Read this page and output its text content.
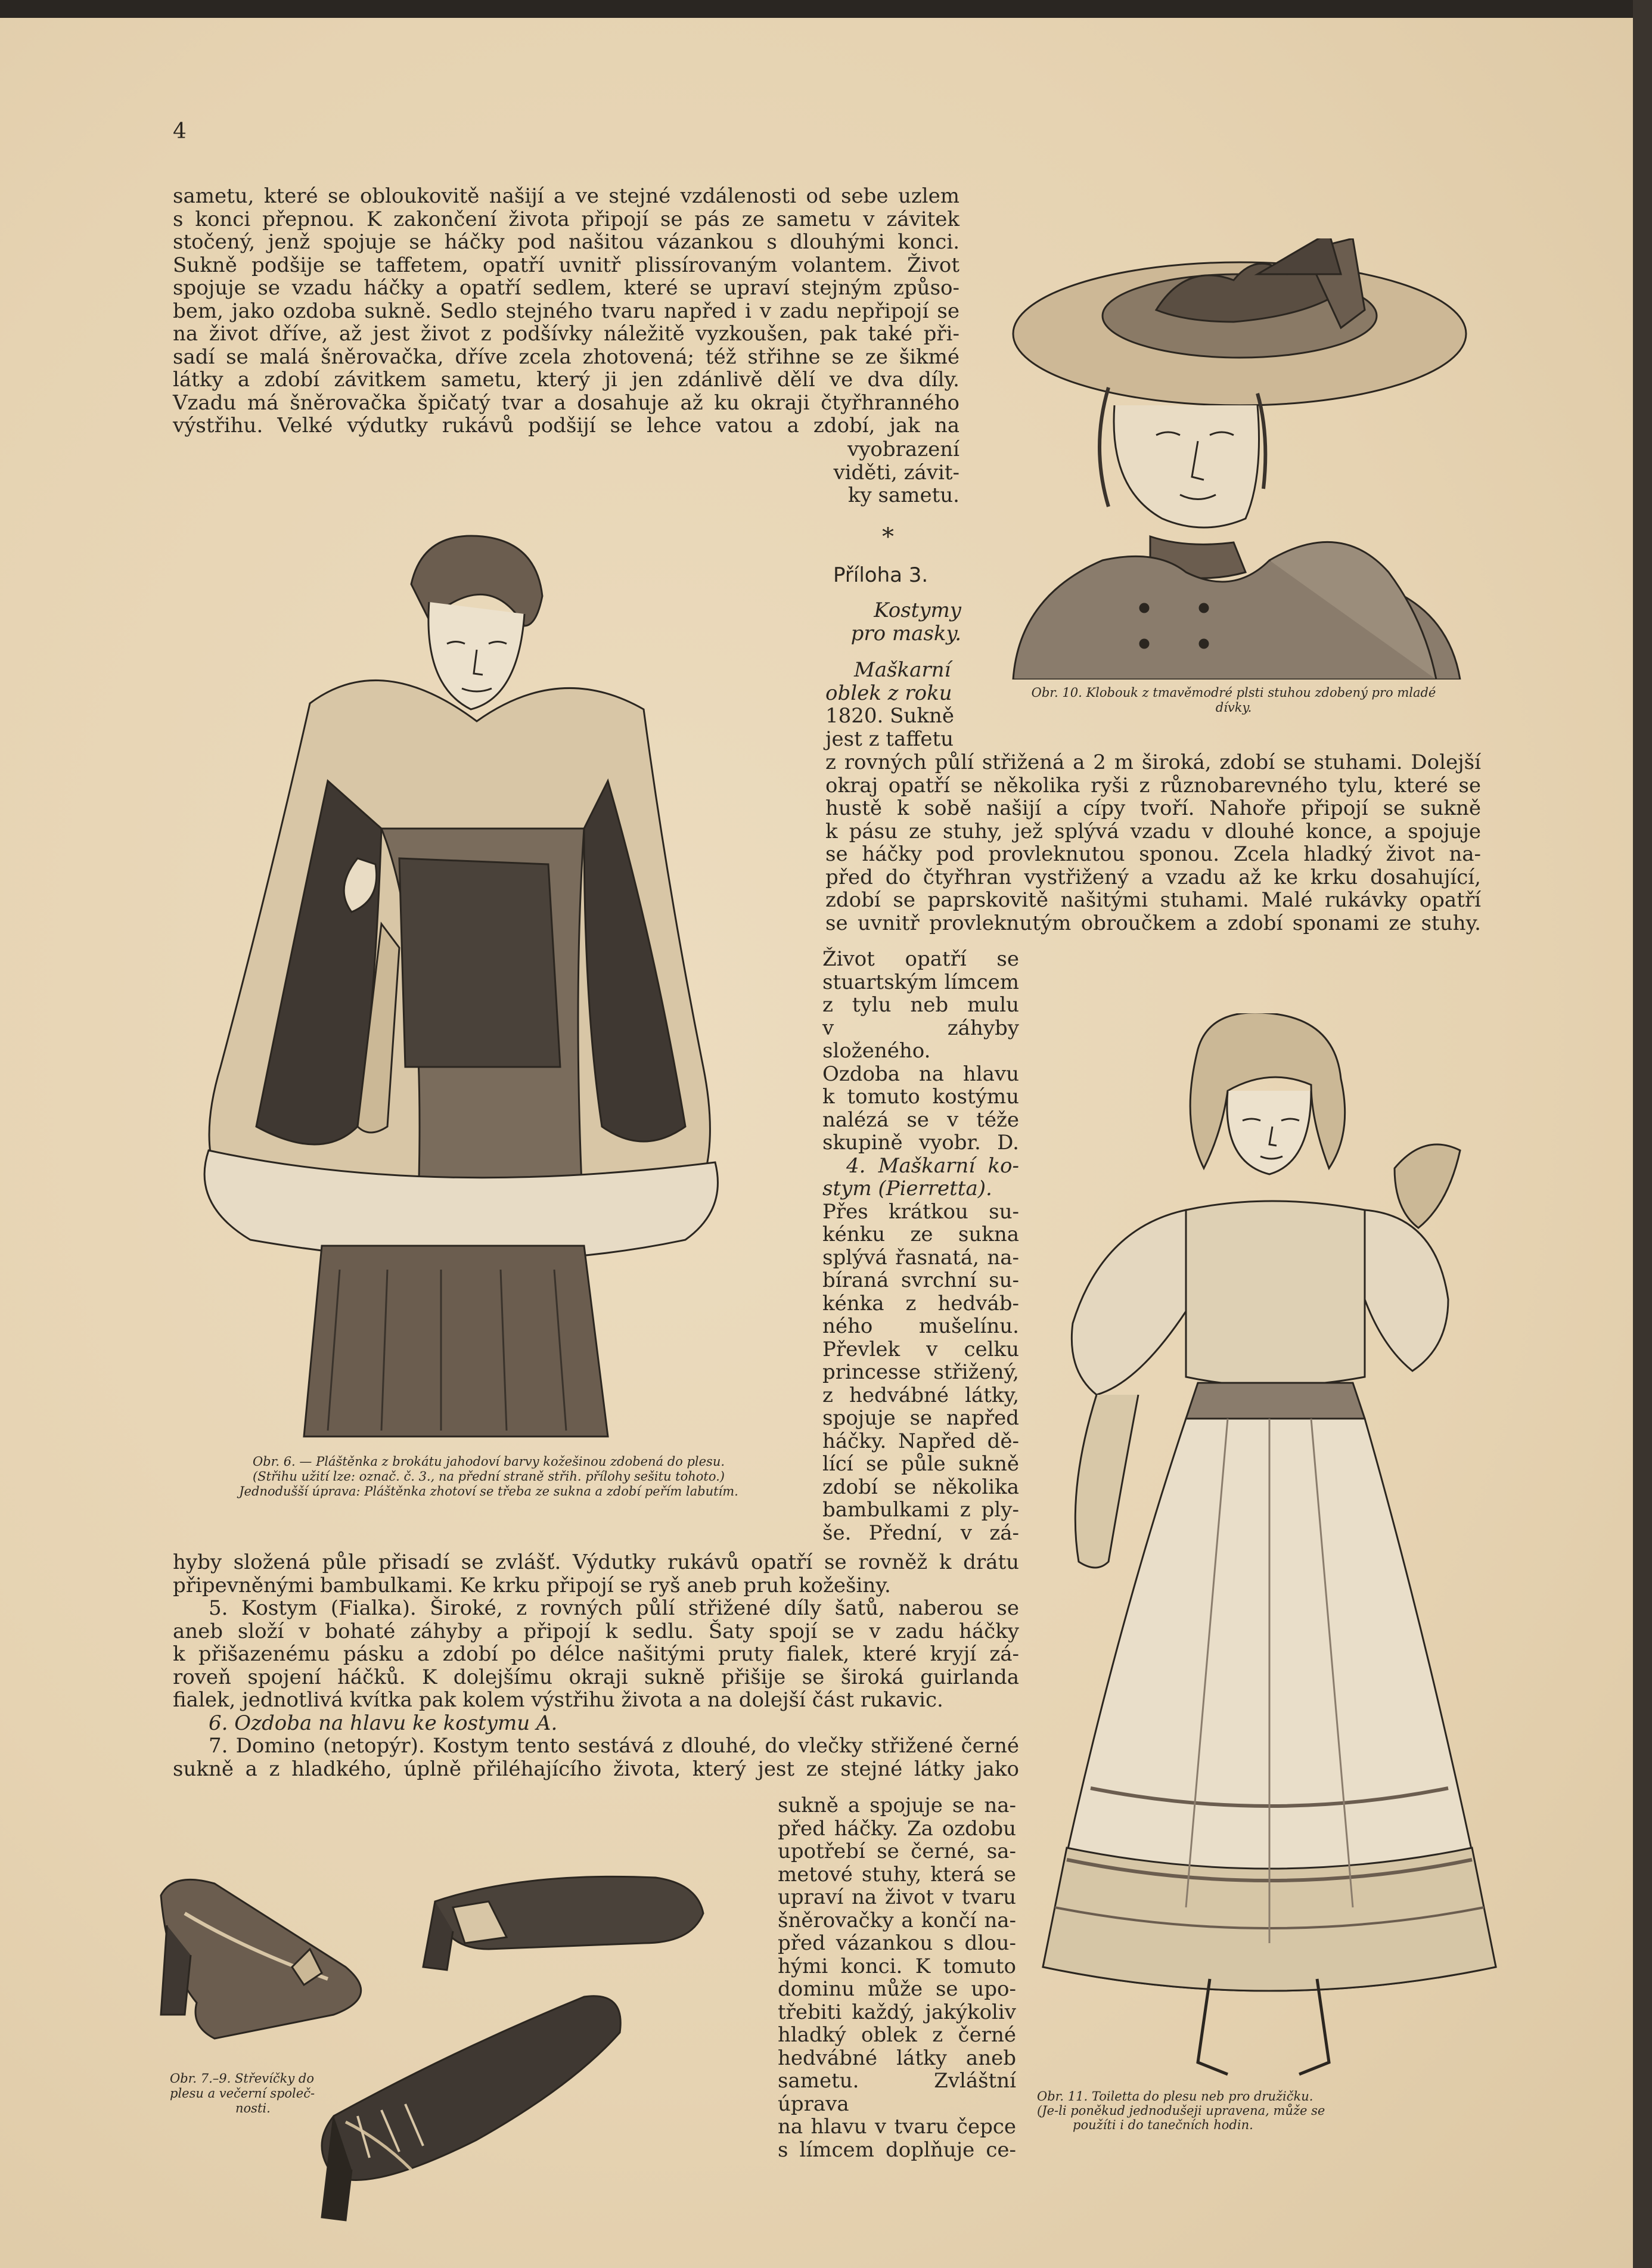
4

sametu, které se obloukovitě našijí a ve stejné vzdálenosti od sebe uzlem

s konci přepnou. K zakončení života připojí se pás ze sametu v závitek

stočený, jenž spojuje se háčky pod našitou vázankou s dlouhými konci.

Sukně podšije se taffetem, opatří uvnitř plissírovaným volantem. Život

spojuje se vzadu háčky a opatří sedlem, které se upraví stejným způso-

bem, jako ozdoba sukně. Sedlo stejného tvaru napřed i v zadu nepřipojí se

na život dříve, až jest život z podšívky náležitě vyzkoušen, pak také při-

sadí se malá šněrovačka, dříve zcela zhotovená; též střihne se ze šikmé

látky a zdobí závitkem sametu, který ji jen zdánlivě dělí ve dva díly.

Vzadu má šněrovačka špičatý tvar a dosahuje až ku okraji čtyřhranného

výstřihu. Velké výdutky rukávů podšijí se lehce vatou a zdobí, jak na

vyobrazení

viděti, závit-

ky sametu.

*
Příloha 3.

Kostymy

pro masky.

Maškarní

oblek z roku

1820. Sukně

jest z taffetu

z rovných půlí střižená a 2 m široká, zdobí se stuhami. Dolejší

okraj opatří se několika ryši z různobarevného tylu, které se

hustě k sobě našijí a cípy tvoří. Nahoře připojí se sukně

k pásu ze stuhy, jež splývá vzadu v dlouhé konce, a spojuje

se háčky pod provleknutou sponou. Zcela hladký život na-

před do čtyřhran vystřižený a vzadu až ke krku dosahující,

zdobí se paprskovitě našitými stuhami. Malé rukávky opatří

se uvnitř provleknutým obroučkem a zdobí sponami ze stuhy.

Život opatří se

stuartským límcem

z tylu neb mulu

v záhyby složeného.

Ozdoba na hlavu

k tomuto kostýmu

nalézá se v téže

skupině vyobr. D.

4. Maškarní ko-

stym (Pierretta).

Přes krátkou su-

kénku ze sukna

splývá řasnatá, na-

bíraná svrchní su-

kénka z hedváb-

ného mušelínu.

Převlek v celku

princesse střižený,

z hedvábné látky,

spojuje se napřed

háčky. Napřed dě-

lící se půle sukně

zdobí se několika

bambulkami z ply-

še. Přední, v zá-

hyby složená půle přisadí se zvlášť. Výdutky rukávů opatří se rovněž k drátu

připevněnými bambulkami. Ke krku připojí se ryš aneb pruh kožešiny.

5. Kostym (Fialka). Široké, z rovných půlí střižené díly šatů, naberou se

aneb složí v bohaté záhyby a připojí k sedlu. Šaty spojí se v zadu háčky

k přišazenému pásku a zdobí po délce našitými pruty fialek, které kryjí zá-

roveň spojení háčků. K dolejšímu okraji sukně přišije se široká guirlanda

fialek, jednotlivá kvítka pak kolem výstřihu života a na dolejší část rukavic.

6. Ozdoba na hlavu ke kostymu A.

7. Domino (netopýr). Kostym tento sestává z dlouhé, do vlečky střižené černé

sukně a z hladkého, úplně přiléhajícího života, který jest ze stejné látky jako

sukně a spojuje se na-

před háčky. Za ozdobu

upotřebí se černé, sa-

metové stuhy, která se

upraví na život v tvaru

šněrovačky a končí na-

před vázankou s dlou-

hými konci. K tomuto

dominu může se upo-

třebiti každý, jakýkoliv

hladký oblek z černé

hedvábné látky aneb

sametu. Zvláštní úprava

na hlavu v tvaru čepce

s límcem doplňuje ce-

Obr. 10. Klobouk z tmavěmodré plsti stuhou zdobený pro mladé
dívky.
Obr. 6. — Pláštěnka z brokátu jahodoví barvy kožešinou zdobená do plesu.
(Střihu užití lze: označ. č. 3., na přední straně střih. přílohy sešitu tohoto.)
Jednodušší úprava: Pláštěnka zhotoví se třeba ze sukna a zdobí peřím labutím.
Obr. 11. Toiletta do plesu neb pro družičku.
(Je-li poněkud jednodušeji upravena, může se
použíti i do tanečních hodin.
Obr. 7.–9. Střevíčky do
plesu a večerní společ-
nosti.
